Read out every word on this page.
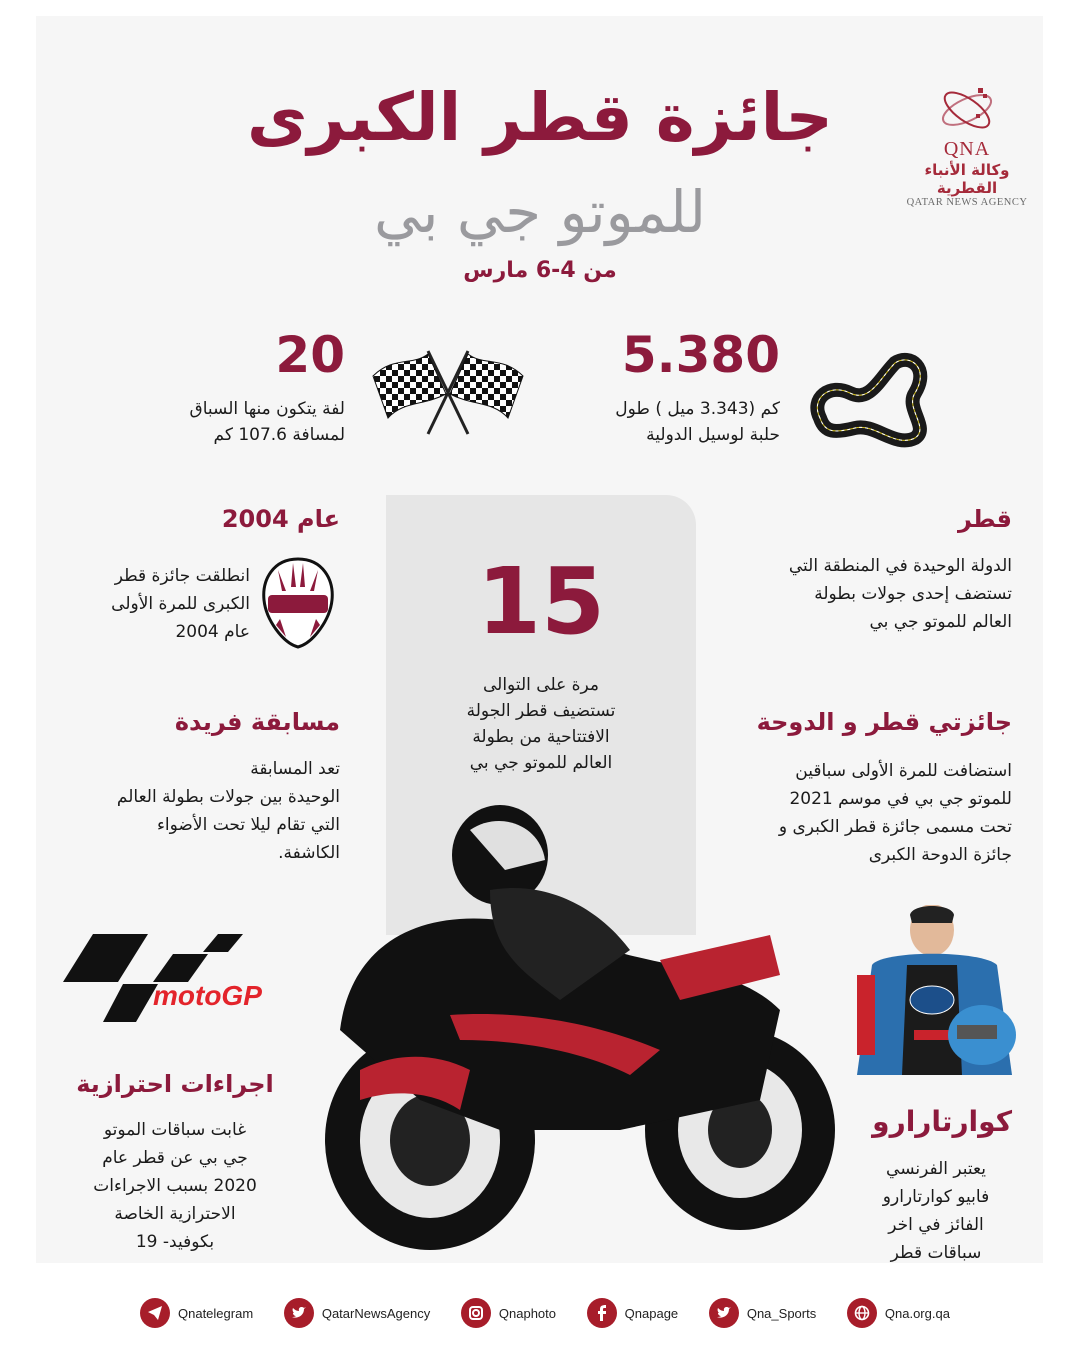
جائزة قطر الكبرى
للموتو جي بي
من 4-6 مارس
QNA
وكالة الأنباء القطرية
QATAR NEWS AGENCY
5.380
كم (3.343 ميل ) طول
حلبة لوسيل الدولية
20
لفة يتكون منها السباق
لمسافة 107.6 كم
15
مرة على التوالى
تستضيف قطر الجولة
الافتتاحية من بطولة
العالم للموتو جي بي
قطر
الدولة الوحيدة في المنطقة التي
تستضف إحدى جولات بطولة
العالم للموتو جي بي
عام 2004
انطلقت جائزة قطر
الكبرى للمرة الأولى
عام 2004
مسابقة فريدة
تعد المسابقة
الوحيدة بين جولات بطولة العالم
التي تقام ليلا تحت الأضواء
الكاشفة.
جائزتي قطر و الدوحة
استضافت للمرة الأولى سباقين
للموتو جي بي في موسم 2021
تحت مسمى جائزة قطر الكبرى و
جائزة الدوحة الكبرى
motoGP
اجراءات احترازية
غابت سباقات الموتو
جي بي عن قطر عام
2020 بسبب الاجراءات
الاحترازية الخاصة
بكوفيد- 19
كوارتارارو
يعتبر الفرنسي
فابيو كوارتارارو
الفائز في اخر
سباقات قطر
Qnatelegram	QatarNewsAgency	Qnaphoto	Qnapage	Qna_Sports	Qna.org.qa
